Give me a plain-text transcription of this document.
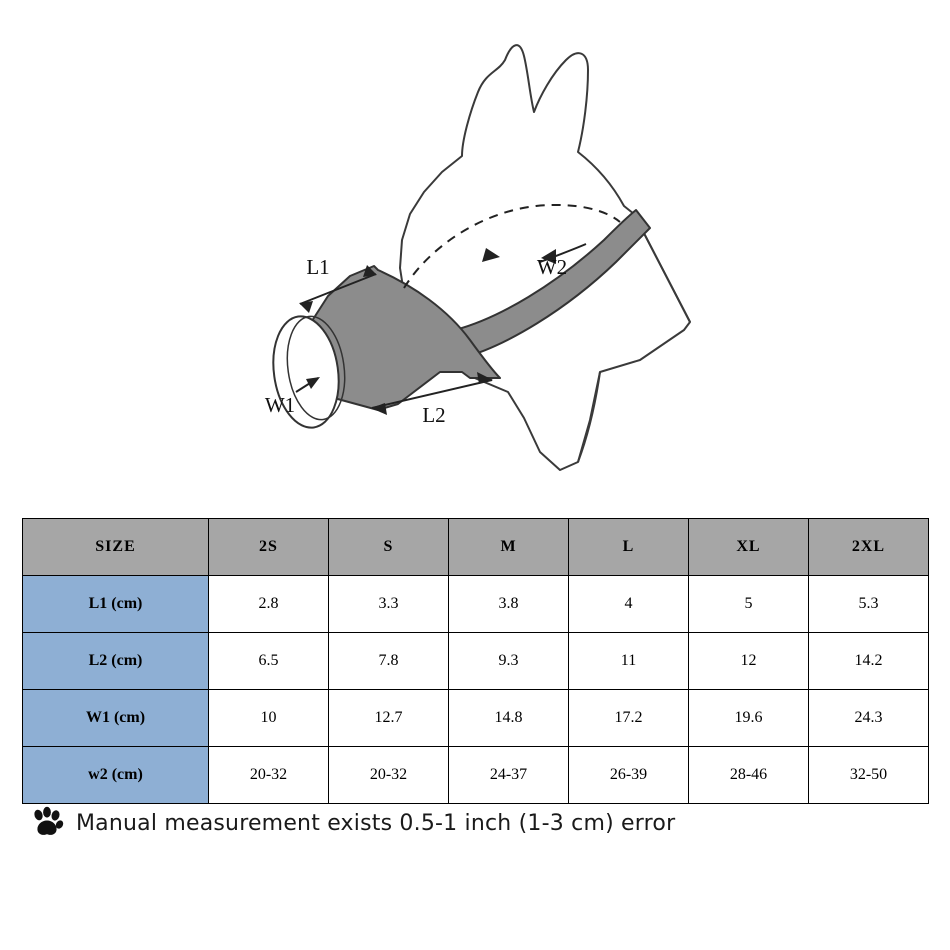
L1
L2
W1
W2
SIZE	2S	S	M	L	XL	2XL
L1 (cm)	2.8	3.3	3.8	4	5	5.3
L2 (cm)	6.5	7.8	9.3	11	12	14.2
W1 (cm)	10	12.7	14.8	17.2	19.6	24.3
w2 (cm)	20-32	20-32	24-37	26-39	28-46	32-50
Manual measurement exists 0.5-1 inch (1-3 cm) error
